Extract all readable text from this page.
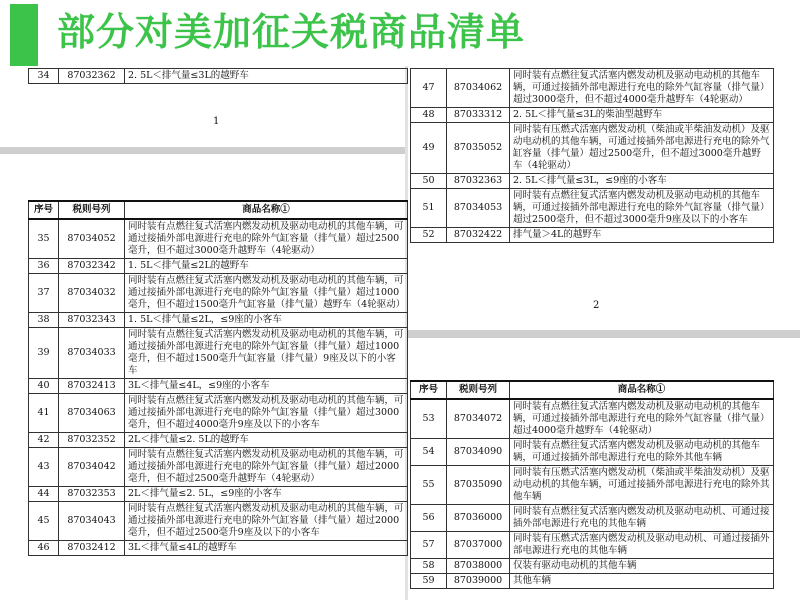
部分对美加征关税商品清单
34	87032362	2. 5L＜排气量≤3L的越野车
1
序号	税则号列	商品名称①
35	87034052	同时装有点燃往复式活塞内燃发动机及驱动电动机的其他车辆，可通过接插外部电源进行充电的除外气缸容量（排气量）超过2500毫升，但不超过3000毫升越野车（4轮驱动）
36	87032342	1. 5L＜排气量≤2L的越野车
37	87034032	同时装有点燃往复式活塞内燃发动机及驱动电动机的其他车辆，可通过接插外部电源进行充电的除外气缸容量（排气量）超过1000毫升，但不超过1500毫升气缸容量（排气量）越野车（4轮驱动）
38	87032343	1. 5L＜排气量≤2L，≤9座的小客车
39	87034033	同时装有点燃往复式活塞内燃发动机及驱动电动机的其他车辆，可通过接插外部电源进行充电的除外气缸容量（排气量）超过1000毫升，但不超过1500毫升气缸容量（排气量）9座及以下的小客车
40	87032413	3L＜排气量≤4L，≤9座的小客车
41	87034063	同时装有点燃往复式活塞内燃发动机及驱动电动机的其他车辆，可通过接插外部电源进行充电的除外气缸容量（排气量）超过3000毫升，但不超过4000毫升9座及以下的小客车
42	87032352	2L＜排气量≤2. 5L的越野车
43	87034042	同时装有点燃往复式活塞内燃发动机及驱动电动机的其他车辆，可通过接插外部电源进行充电的除外气缸容量（排气量）超过2000毫升，但不超过2500毫升越野车（4轮驱动）
44	87032353	2L＜排气量≤2. 5L，≤9座的小客车
45	87034043	同时装有点燃往复式活塞内燃发动机及驱动电动机的其他车辆，可通过接插外部电源进行充电的除外气缸容量（排气量）超过2000毫升，但不超过2500毫升9座及以下的小客车
46	87032412	3L＜排气量≤4L的越野车
47	87034062	同时装有点燃往复式活塞内燃发动机及驱动电动机的其他车辆，可通过接插外部电源进行充电的除外气缸容量（排气量）超过3000毫升，但不超过4000毫升越野车（4轮驱动）
48	87033312	2. 5L＜排气量≤3L的柴油型越野车
49	87035052	同时装有压燃式活塞内燃发动机（柴油或半柴油发动机）及驱动电动机的其他车辆，可通过接插外部电源进行充电的除外气缸容量（排气量）超过2500毫升，但不超过3000毫升越野车（4轮驱动）
50	87032363	2. 5L＜排气量≤3L，≤9座的小客车
51	87034053	同时装有点燃往复式活塞内燃发动机及驱动电动机的其他车辆，可通过接插外部电源进行充电的除外气缸容量（排气量）超过2500毫升，但不超过3000毫升9座及以下的小客车
52	87032422	排气量＞4L的越野车
2
序号	税则号列	商品名称①
53	87034072	同时装有点燃往复式活塞内燃发动机及驱动电动机的其他车辆，可通过接插外部电源进行充电的除外气缸容量（排气量）超过4000毫升越野车（4轮驱动）
54	87034090	同时装有点燃往复式活塞内燃发动机及驱动电动机的其他车辆，可通过接插外部电源进行充电的除外其他车辆
55	87035090	同时装有压燃式活塞内燃发动机（柴油或半柴油发动机）及驱动电动机的其他车辆，可通过接插外部电源进行充电的除外其他车辆
56	87036000	同时装有点燃往复式活塞内燃发动机及驱动电动机、可通过接插外部电源进行充电的其他车辆
57	87037000	同时装有压燃式活塞内燃发动机及驱动电动机、可通过接插外部电源进行充电的其他车辆
58	87038000	仅装有驱动电动机的其他车辆
59	87039000	其他车辆
